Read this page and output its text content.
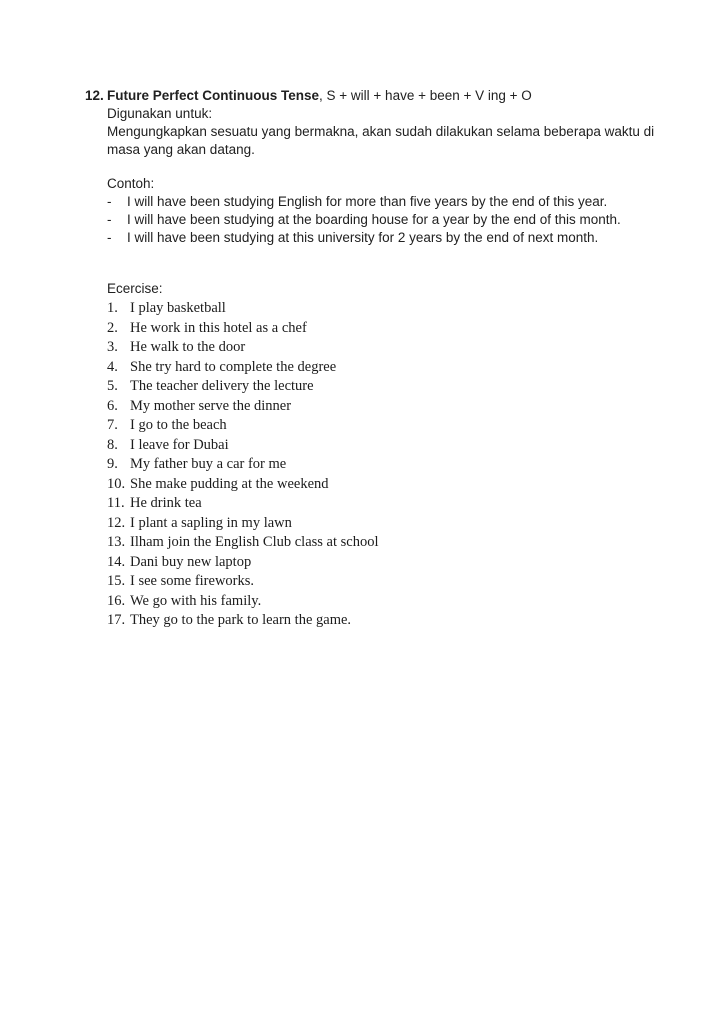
12. Future Perfect Continuous Tense, S + will + have + been + V ing + O
Digunakan untuk:

Mengungkapkan sesuatu yang bermakna, akan sudah dilakukan selama beberapa waktu di masa yang akan datang.

Contoh:
-	I will have been studying English for more than five years by the end of this year.
-	I will have been studying at the boarding house for a year by the end of this month.
-	I will have been studying at this university for 2 years by the end of next month.
Ecercise:
1. I play basketball
2. He work in this hotel as a chef
3. He walk to the door
4. She try hard to complete the degree
5. The teacher delivery the lecture
6. My mother serve the dinner
7. I go to the beach
8. I leave for Dubai
9. My father buy a car for me
10. She make pudding at the weekend
11. He drink tea
12. I plant a sapling in my lawn
13. Ilham join the English Club class at school
14. Dani buy new laptop
15. I see some fireworks.
16. We go with his family.
17. They go to the park to learn the game.
